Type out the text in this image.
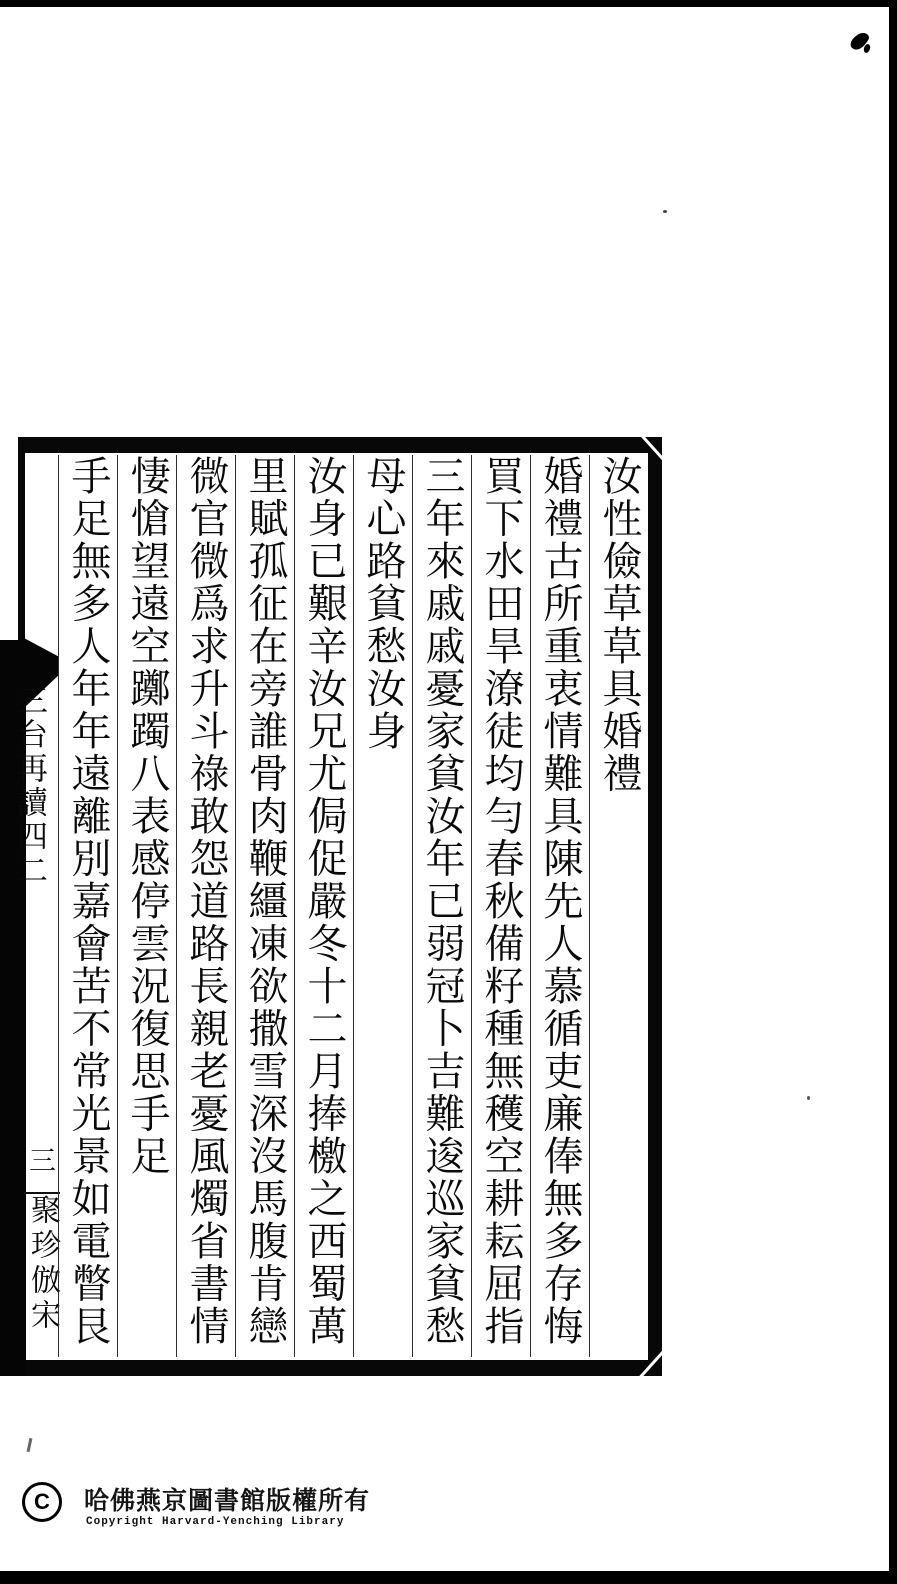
三台再讀四二
三
聚珍倣宋
汝性儉草草具婚禮
婚禮古所重衷情難具陳先人慕循吏廉俸無多存悔
買下水田旱潦徒均勻春秋備籽種無穫空耕耘屈指
三年來戚戚憂家貧汝年已弱冠卜吉難逡巡家貧愁
母心路貧愁汝身
汝身已艱辛汝兄尤侷促嚴冬十二月捧檄之西蜀萬
里賦孤征在旁誰骨肉鞭繮凍欲撒雪深沒馬腹肯戀
微官微爲求升斗祿敢怨道路長親老憂風燭省書情
悽愴望遠空躑躅八表感停雲況復思手足
手足無多人年年遠離別嘉會苦不常光景如電瞥艮
C	哈佛燕京圖書館版權所有
Copyright Harvard-Yenching Library
